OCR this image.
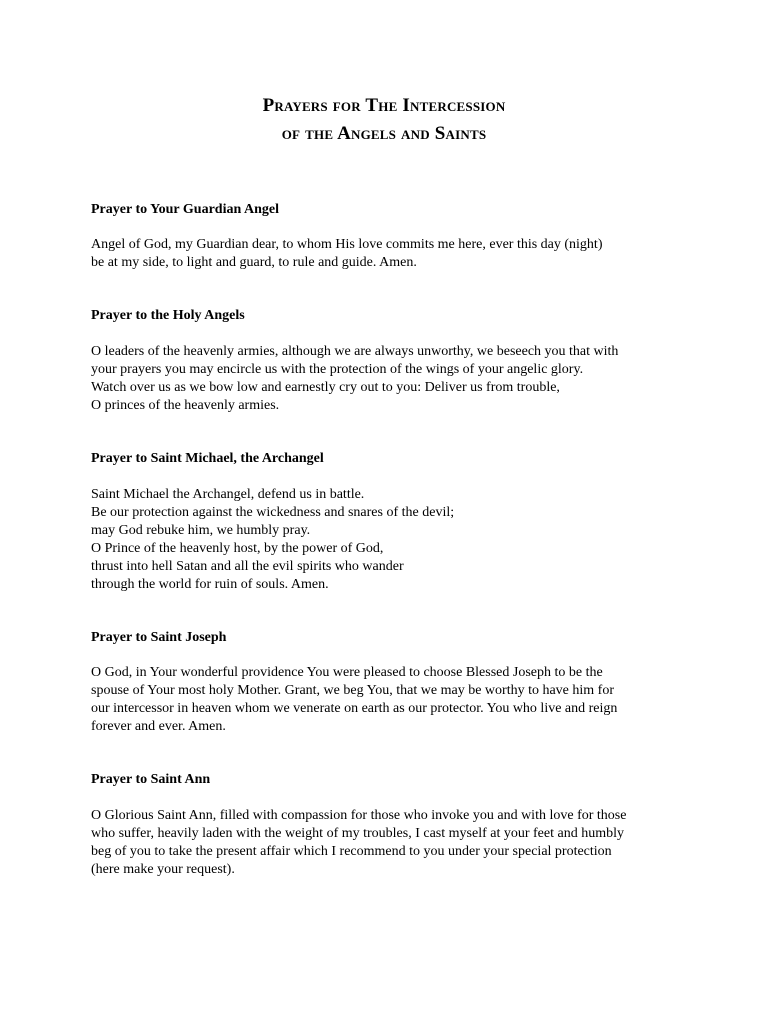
Prayers for The Intercession
of the Angels and Saints
Prayer to Your Guardian Angel
Angel of God, my Guardian dear, to whom His love commits me here, ever this day (night)
be at my side, to light and guard, to rule and guide. Amen.
Prayer to the Holy Angels
O leaders of the heavenly armies, although we are always unworthy, we beseech you that with
your prayers you may encircle us with the protection of the wings of your angelic glory.
Watch over us as we bow low and earnestly cry out to you: Deliver us from trouble,
O princes of the heavenly armies.
Prayer to Saint Michael, the Archangel
Saint Michael the Archangel, defend us in battle.
Be our protection against the wickedness and snares of the devil;
may God rebuke him, we humbly pray.
O Prince of the heavenly host, by the power of God,
thrust into hell Satan and all the evil spirits who wander
through the world for ruin of souls. Amen.
Prayer to Saint Joseph
O God, in Your wonderful providence You were pleased to choose Blessed Joseph to be the
spouse of Your most holy Mother. Grant, we beg You, that we may be worthy to have him for
our intercessor in heaven whom we venerate on earth as our protector. You who live and reign
forever and ever. Amen.
Prayer to Saint Ann
O Glorious Saint Ann, filled with compassion for those who invoke you and with love for those
who suffer, heavily laden with the weight of my troubles, I cast myself at your feet and humbly
beg of you to take the present affair which I recommend to you under your special protection
(here make your request).
